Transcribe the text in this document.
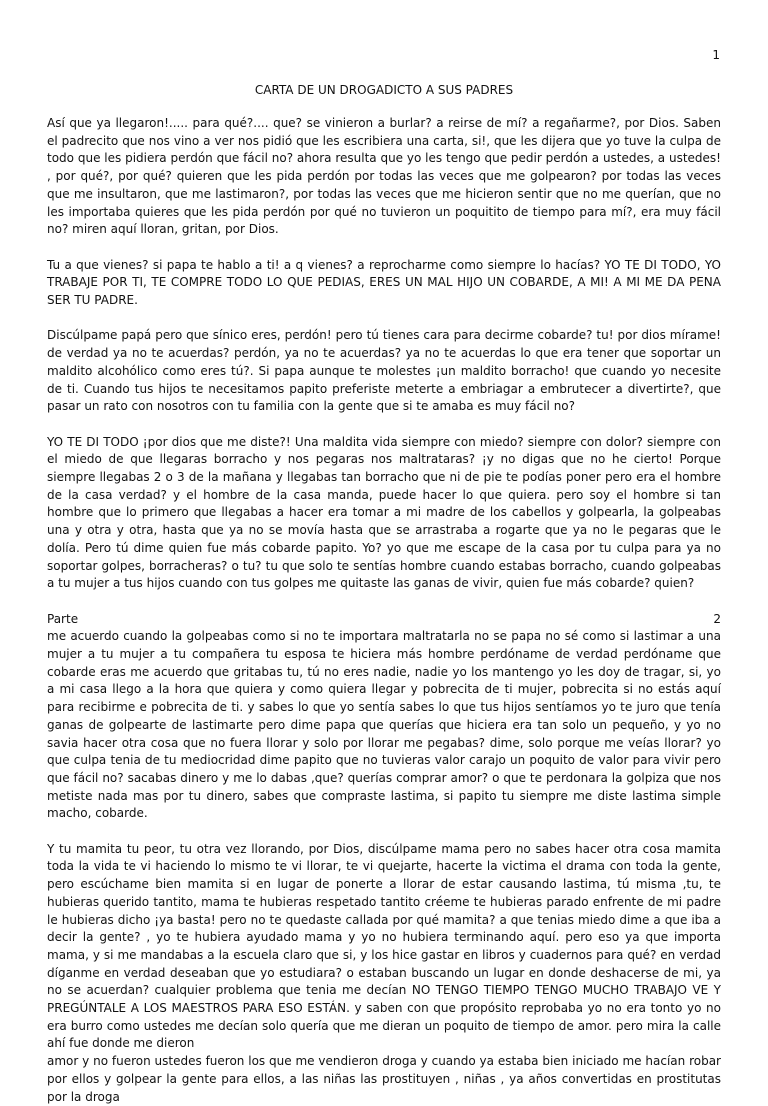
1
CARTA DE UN DROGADICTO A SUS PADRES

Así que ya llegaron!..... para qué?.... que? se vinieron a burlar? a reirse de mí? a regañarme?, por Dios. Saben el padrecito que nos vino a ver nos pidió que les escribiera una carta, si!, que les dijera que yo tuve la culpa de todo que les pidiera perdón que fácil no? ahora resulta que yo les tengo que pedir perdón a ustedes, a ustedes! , por qué?, por qué? quieren que les pida perdón por todas las veces que me golpearon? por todas las veces que me insultaron, que me lastimaron?, por todas las veces que me hicieron sentir que no me querían, que no les importaba quieres que les pida perdón por qué no tuvieron un poquitito de tiempo para mí?, era muy fácil no? miren aquí lloran, gritan, por Dios.

Tu a que vienes? si papa te hablo a ti! a q vienes? a reprocharme como siempre lo hacías? YO TE DI TODO, YO TRABAJE POR TI, TE COMPRE TODO LO QUE PEDIAS, ERES UN MAL HIJO UN COBARDE, A MI! A MI ME DA PENA SER TU PADRE.

Discúlpame papá pero que sínico eres, perdón! pero tú tienes cara para decirme cobarde? tu! por dios mírame! de verdad ya no te acuerdas? perdón, ya no te acuerdas? ya no te acuerdas lo que era tener que soportar un maldito alcohólico como eres tú?. Si papa aunque te molestes ¡un maldito borracho! que cuando yo necesite de ti. Cuando tus hijos te necesitamos papito preferiste meterte a embriagar a embrutecer a divertirte?, que pasar un rato con nosotros con tu familia con la gente que si te amaba es muy fácil no?

YO TE DI TODO ¡por dios que me diste?! Una maldita vida siempre con miedo? siempre con dolor? siempre con el miedo de que llegaras borracho y nos pegaras nos maltrataras? ¡y no digas que no he cierto! Porque siempre llegabas 2 o 3 de la mañana y llegabas tan borracho que ni de pie te podías poner pero era el hombre de la casa verdad? y el hombre de la casa manda, puede hacer lo que quiera. pero soy el hombre si tan hombre que lo primero que llegabas a hacer era tomar a mi madre de los cabellos y golpearla, la golpeabas una y otra y otra, hasta que ya no se movía hasta que se arrastraba a rogarte que ya no le pegaras que le dolía. Pero tú dime quien fue más cobarde papito. Yo? yo que me escape de la casa por tu culpa para ya no soportar golpes, borracheras? o tu? tu que solo te sentías hombre cuando estabas borracho, cuando golpeabas a tu mujer a tus hijos cuando con tus golpes me quitaste las ganas de vivir, quien fue más cobarde? quien?

Parte	2

me acuerdo cuando la golpeabas como si no te importara maltratarla no se papa no sé como si lastimar a una mujer a tu mujer a tu compañera tu esposa te hiciera más hombre perdóname de verdad perdóname que cobarde eras me acuerdo que gritabas tu, tú no eres nadie, nadie yo los mantengo yo les doy de tragar, si, yo a mi casa llego a la hora que quiera y como quiera llegar y pobrecita de ti mujer, pobrecita si no estás aquí para recibirme e pobrecita de ti. y sabes lo que yo sentía sabes lo que tus hijos sentíamos yo te juro que tenía ganas de golpearte de lastimarte pero dime papa que querías que hiciera era tan solo un pequeño, y yo no savia hacer otra cosa que no fuera llorar y solo por llorar me pegabas? dime, solo porque me veías llorar? yo que culpa tenia de tu mediocridad dime papito que no tuvieras valor carajo un poquito de valor para vivir pero que fácil no? sacabas dinero y me lo dabas ,que? querías comprar amor? o que te perdonara la golpiza que nos metiste nada mas por tu dinero, sabes que compraste lastima, si papito tu siempre me diste lastima simple macho, cobarde.

Y tu mamita tu peor, tu otra vez llorando, por Dios, discúlpame mama pero no sabes hacer otra cosa mamita toda la vida te vi haciendo lo mismo te vi llorar, te vi quejarte, hacerte la victima el drama con toda la gente, pero escúchame bien mamita si en lugar de ponerte a llorar de estar causando lastima, tú misma ,tu, te hubieras querido tantito, mama te hubieras respetado tantito créeme te hubieras parado enfrente de mi padre le hubieras dicho ¡ya basta! pero no te quedaste callada por qué mamita? a que tenias miedo dime a que iba a decir la gente? , yo te hubiera ayudado mama y yo no hubiera terminando aquí. pero eso ya que importa mama, y si me mandabas a la escuela claro que si, y los hice gastar en libros y cuadernos para qué? en verdad díganme en verdad deseaban que yo estudiara? o estaban buscando un lugar en donde deshacerse de mi, ya no se acuerdan? cualquier problema que tenia me decían NO TENGO TIEMPO TENGO MUCHO TRABAJO VE Y PREGÚNTALE A LOS MAESTROS PARA ESO ESTÁN. y saben con que propósito reprobaba yo no era tonto yo no era burro como ustedes me decían solo quería que me dieran un poquito de tiempo de amor. pero mira la calle ahí fue donde me dieron

amor y no fueron ustedes fueron los que me vendieron droga y cuando ya estaba bien iniciado me hacían robar por ellos y golpear la gente para ellos, a las niñas las prostituyen , niñas , ya años convertidas en prostitutas por la droga
